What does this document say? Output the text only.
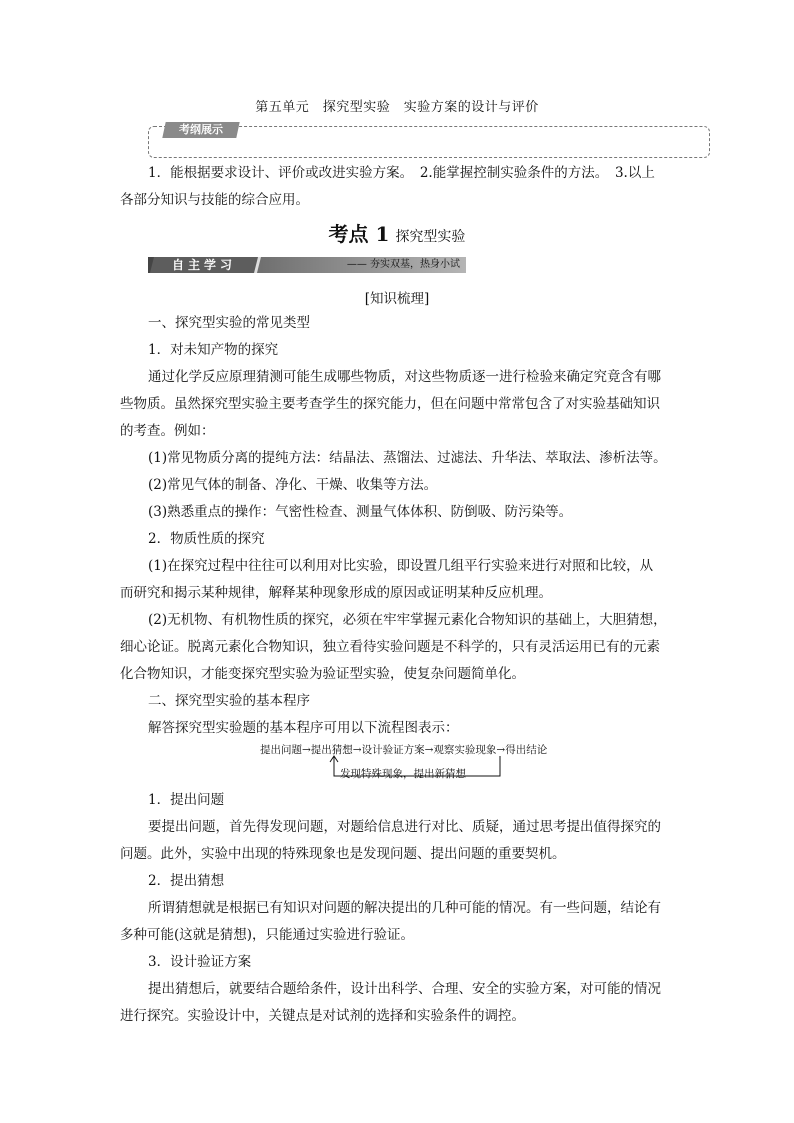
第五单元　探究型实验　实验方案的设计与评价
考纲展示
1．能根据要求设计、评价或改进实验方案。　2.能掌握控制实验条件的方法。　3.以上
各部分知识与技能的综合应用。
考点 1 探究型实验
自主学习	—— 夯实双基，热身小试
[知识梳理]
一、探究型实验的常见类型
1．对未知产物的探究
通过化学反应原理猜测可能生成哪些物质，对这些物质逐一进行检验来确定究竟含有哪
些物质。虽然探究型实验主要考查学生的探究能力，但在问题中常常包含了对实验基础知识
的考查。例如：
(1)常见物质分离的提纯方法：结晶法、蒸馏法、过滤法、升华法、萃取法、渗析法等。
(2)常见气体的制备、净化、干燥、收集等方法。
(3)熟悉重点的操作：气密性检查、测量气体体积、防倒吸、防污染等。
2．物质性质的探究
(1)在探究过程中往往可以利用对比实验，即设置几组平行实验来进行对照和比较，从
而研究和揭示某种规律，解释某种现象形成的原因或证明某种反应机理。
(2)无机物、有机物性质的探究，必须在牢牢掌握元素化合物知识的基础上，大胆猜想，
细心论证。脱离元素化合物知识，独立看待实验问题是不科学的，只有灵活运用已有的元素
化合物知识，才能变探究型实验为验证型实验，使复杂问题简单化。
二、探究型实验的基本程序
解答探究型实验题的基本程序可用以下流程图表示：
提出问题→提出猜想→设计验证方案→观察实验现象→得出结论
发现特殊现象，提出新猜想
1．提出问题
要提出问题，首先得发现问题，对题给信息进行对比、质疑，通过思考提出值得探究的
问题。此外，实验中出现的特殊现象也是发现问题、提出问题的重要契机。
2．提出猜想
所谓猜想就是根据已有知识对问题的解决提出的几种可能的情况。有一些问题，结论有
多种可能(这就是猜想)，只能通过实验进行验证。
3．设计验证方案
提出猜想后，就要结合题给条件，设计出科学、合理、安全的实验方案，对可能的情况
进行探究。实验设计中，关键点是对试剂的选择和实验条件的调控。
